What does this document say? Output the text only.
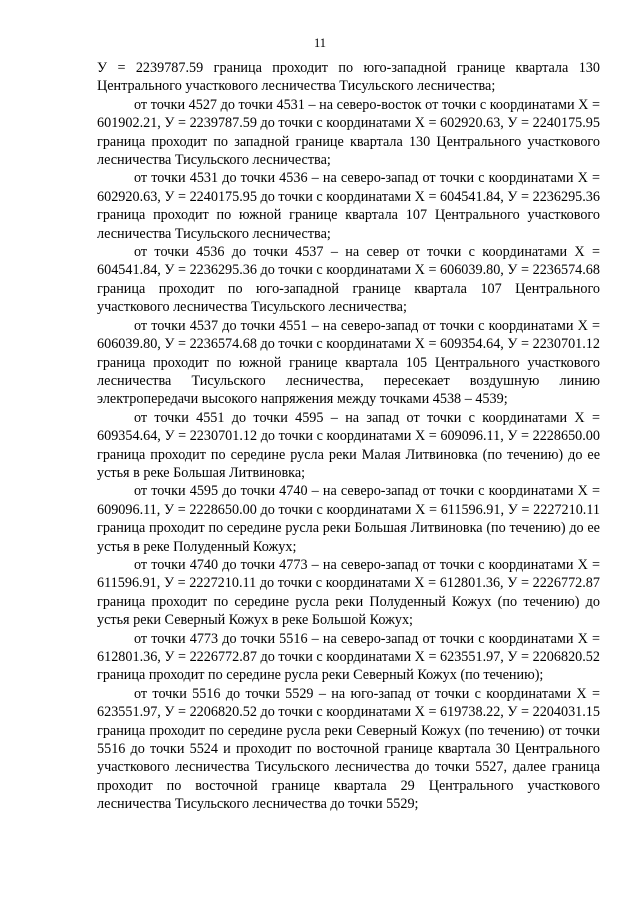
11

У = 2239787.59 граница проходит по юго-западной границе квартала 130 Центрального участкового лесничества Тисульского лесничества;

от точки 4527 до точки 4531 – на северо-восток от точки с координатами Х = 601902.21, У = 2239787.59 до точки с координатами Х = 602920.63, У = 2240175.95 граница проходит по западной границе квартала 130 Центрального участкового лесничества Тисульского лесничества;

от точки 4531 до точки 4536 – на северо-запад от точки с координатами Х = 602920.63, У = 2240175.95 до точки с координатами Х = 604541.84, У = 2236295.36 граница проходит по южной границе квартала 107 Центрального участкового лесничества Тисульского лесничества;

от точки 4536 до точки 4537 – на север от точки с координатами Х = 604541.84, У = 2236295.36 до точки с координатами Х = 606039.80, У = 2236574.68 граница проходит по юго-западной границе квартала 107 Центрального участкового лесничества Тисульского лесничества;

от точки 4537 до точки 4551 – на северо-запад от точки с координатами Х = 606039.80, У = 2236574.68 до точки с координатами Х = 609354.64, У = 2230701.12 граница проходит по южной границе квартала 105 Центрального участкового лесничества Тисульского лесничества, пересекает воздушную линию электропередачи высокого напряжения между точками 4538 – 4539;

от точки 4551 до точки 4595 – на запад от точки с координатами Х = 609354.64, У = 2230701.12 до точки с координатами Х = 609096.11, У = 2228650.00 граница проходит по середине русла реки Малая Литвиновка (по течению) до ее устья в реке Большая Литвиновка;

от точки 4595 до точки 4740 – на северо-запад от точки с координатами Х = 609096.11, У = 2228650.00 до точки с координатами Х = 611596.91, У = 2227210.11 граница проходит по середине русла реки Большая Литвиновка (по течению) до ее устья в реке Полуденный Кожух;

от точки 4740 до точки 4773 – на северо-запад от точки с координатами Х = 611596.91, У = 2227210.11 до точки с координатами Х = 612801.36, У = 2226772.87 граница проходит по середине русла реки Полуденный Кожух (по течению) до устья реки Северный Кожух в реке Большой Кожух;

от точки 4773 до точки 5516 – на северо-запад от точки с координатами Х = 612801.36, У = 2226772.87 до точки с координатами Х = 623551.97, У = 2206820.52 граница проходит по середине русла реки Северный Кожух (по течению);

от точки 5516 до точки 5529 – на юго-запад от точки с координатами Х = 623551.97, У = 2206820.52 до точки с координатами Х = 619738.22, У = 2204031.15 граница проходит по середине русла реки Северный Кожух (по течению) от точки 5516 до точки 5524 и проходит по восточной границе квартала 30 Центрального участкового лесничества Тисульского лесничества до точки 5527, далее граница проходит по восточной границе квартала 29 Центрального участкового лесничества Тисульского лесничества до точки 5529;
